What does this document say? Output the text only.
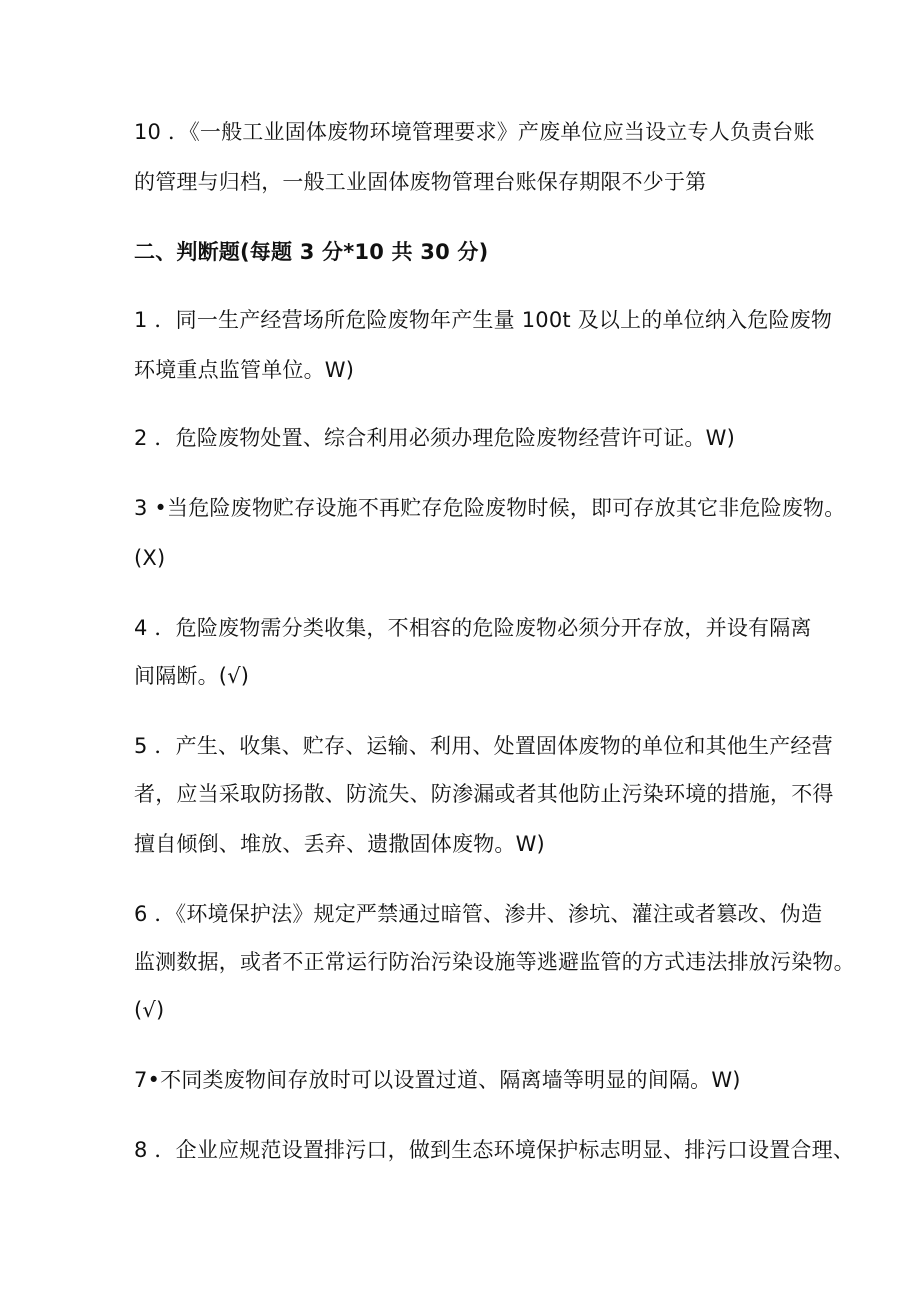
10 ．《一般工业固体废物环境管理要求》产废单位应当设立专人负责台账
的管理与归档，一般工业固体废物管理台账保存期限不少于第
二、判断题(每题 3 分*10 共 30 分)
1 ．同一生产经营场所危险废物年产生量 100t 及以上的单位纳入危险废物
环境重点监管单位。W)
2 ．危险废物处置、综合利用必须办理危险废物经营许可证。W)
3 •当危险废物贮存设施不再贮存危险废物时候，即可存放其它非危险废物。
(X)
4 ．危险废物需分类收集，不相容的危险废物必须分开存放，并设有隔离
间隔断。(√)
5 ．产生、收集、贮存、运输、利用、处置固体废物的单位和其他生产经营
者，应当采取防扬散、防流失、防渗漏或者其他防止污染环境的措施，不得
擅自倾倒、堆放、丢弃、遗撒固体废物。W)
6 ．《环境保护法》规定严禁通过暗管、渗井、渗坑、灌注或者篡改、伪造
监测数据，或者不正常运行防治污染设施等逃避监管的方式违法排放污染物。
(√)
7•不同类废物间存放时可以设置过道、隔离墙等明显的间隔。W)
8 ．企业应规范设置排污口，做到生态环境保护标志明显、排污口设置合理、
